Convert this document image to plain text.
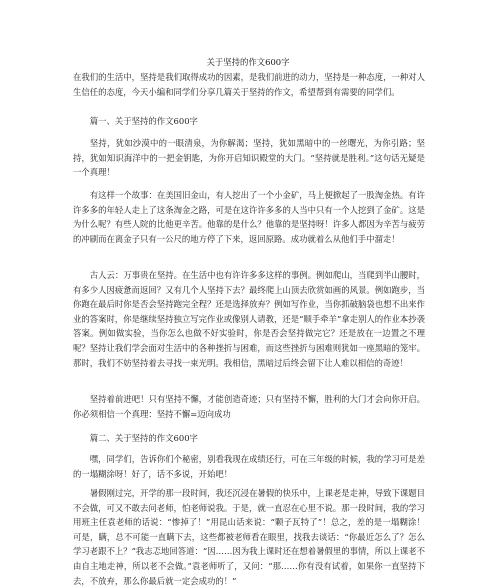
关于坚持的作文600字

在我们的生活中，坚持是我们取得成功的因素，是我们前进的动力，坚持是一种态度，一种对人生信任的态度，今天小编和同学们分享几篇关于坚持的作文，希望帮到有需要的同学们。

篇一、关于坚持的作文600字

坚持，犹如沙漠中的一眼清泉，为你解渴；坚持，犹如黑暗中的一丝曙光，为你引路；坚持，犹如知识海洋中的一把金钥匙，为你开启知识殿堂的大门。“坚持就是胜利。”这句话无疑是一个真理！

有这样一个故事：在美国旧金山，有人挖出了一个小金矿，马上便掀起了一股淘金热。有许许多多的年轻人走上了这条淘金之路，可是在这许许多多的人当中只有一个人挖到了金矿。这是为什么呢？有些人院的比他更辛苦。他靠的是什么？他靠的是坚持呀！许多人都因为辛苦与疲劳的冲刷而在离金子只有一公尺的地方停了下来，返回原路。成功就着么从他们手中溜走！

古人云：万事贵在坚持。在生活中也有许许多多这样的事例。例如爬山，当爬到半山腰时，有多少人因疲惫而返回？又有几个人坚持下去？最终爬上山顶去欣赏如画的风景。例如跑步，当你跑在最后时你是否会坚持跑完全程？还是选择放弃？例如写作业，当你抓破脑袋也想不出来作业的答案时，你是继续坚持独立写完作业或像别人请教，还是“顺手牵羊”拿走别人的作业本抄袭答案。例如做实验，当你怎么也做不好实验时，你是否会坚持做完它？还是放在一边置之不理呢？坚持让我们学会面对生活中的各种挫折与困难，而这些挫折与困难则犹如一座黑暗的笼牢。那时，我们不妨坚持着去寻找一束光明。我相信，黑暗过后终会留下让人难以相信的奇迹！

坚持着前进吧！只有坚持不懈，才能创造奇迹；只有坚持不懈，胜利的大门才会向你开启。你必须相信一个真理：坚持不懈=迈向成功

篇二、关于坚持的作文600字

嘿，同学们，告诉你们个秘密，别看我现在成绩还行，可在三年级的时候，我的学习可是差的一塌糊涂呀！好了，话不多说，开始吧！

暑假刚过完，开学的那一段时间，我还沉浸在暑假的快乐中，上课老是走神，导致下课题目不会做，可又不敢去问老师，怕老师说我。于是，就一直忍在心里不说。那一段时间，我的学习用班主任袁老师的话说：“惨掉了！”用昆山话来说：“颗子瓦特了”！总之，差的是一塌糊涂！可是，瞒，总不可能一直瞒下去，这些都被老师看在眼里，找我去谈话：“你最近怎么了？怎么学习老跟不上？”我志忑地回答道：“因……因为我上课时还在想着暑假里的事情，所以上课老不由自主地走神，所以老不会做。”袁老师听了，又问：“那……你有没有试着，如果你一直坚持下去，不放弃，那么你最后就一定会成功的！”
